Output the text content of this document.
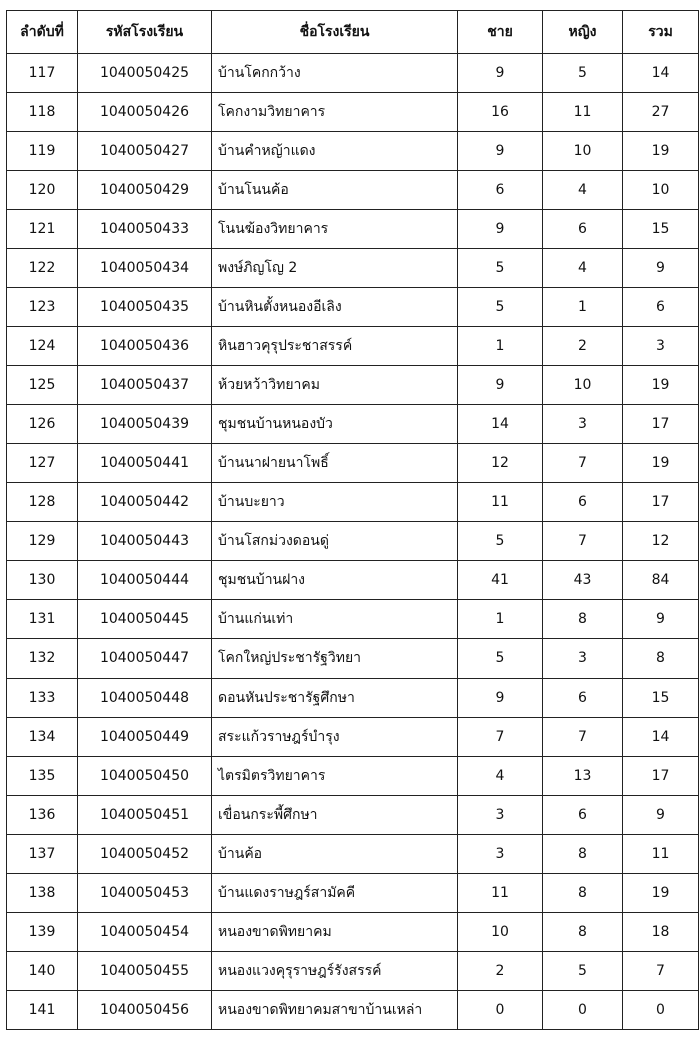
ลำดับที่	รหัสโรงเรียน	ชื่อโรงเรียน	ชาย	หญิง	รวม
117	1040050425	บ้านโคกกว้าง	9	5	14
118	1040050426	โคกงามวิทยาคาร	16	11	27
119	1040050427	บ้านคำหญ้าแดง	9	10	19
120	1040050429	บ้านโนนค้อ	6	4	10
121	1040050433	โนนฆ้องวิทยาคาร	9	6	15
122	1040050434	พงษ์ภิญโญ 2	5	4	9
123	1040050435	บ้านหินตั้งหนองอีเลิง	5	1	6
124	1040050436	หินฮาวคุรุประชาสรรค์	1	2	3
125	1040050437	ห้วยหว้าวิทยาคม	9	10	19
126	1040050439	ชุมชนบ้านหนองบัว	14	3	17
127	1040050441	บ้านนาฝายนาโพธิ์	12	7	19
128	1040050442	บ้านบะยาว	11	6	17
129	1040050443	บ้านโสกม่วงดอนดู่	5	7	12
130	1040050444	ชุมชนบ้านฝาง	41	43	84
131	1040050445	บ้านแก่นเท่า	1	8	9
132	1040050447	โคกใหญ่ประชารัฐวิทยา	5	3	8
133	1040050448	ดอนหันประชารัฐศึกษา	9	6	15
134	1040050449	สระแก้วราษฎร์บำรุง	7	7	14
135	1040050450	ไตรมิตรวิทยาคาร	4	13	17
136	1040050451	เขื่อนกระพี้ศึกษา	3	6	9
137	1040050452	บ้านค้อ	3	8	11
138	1040050453	บ้านแดงราษฎร์สามัคคี	11	8	19
139	1040050454	หนองขาดพิทยาคม	10	8	18
140	1040050455	หนองแวงคุรุราษฎร์รังสรรค์	2	5	7
141	1040050456	หนองขาดพิทยาคมสาขาบ้านเหล่า	0	0	0
